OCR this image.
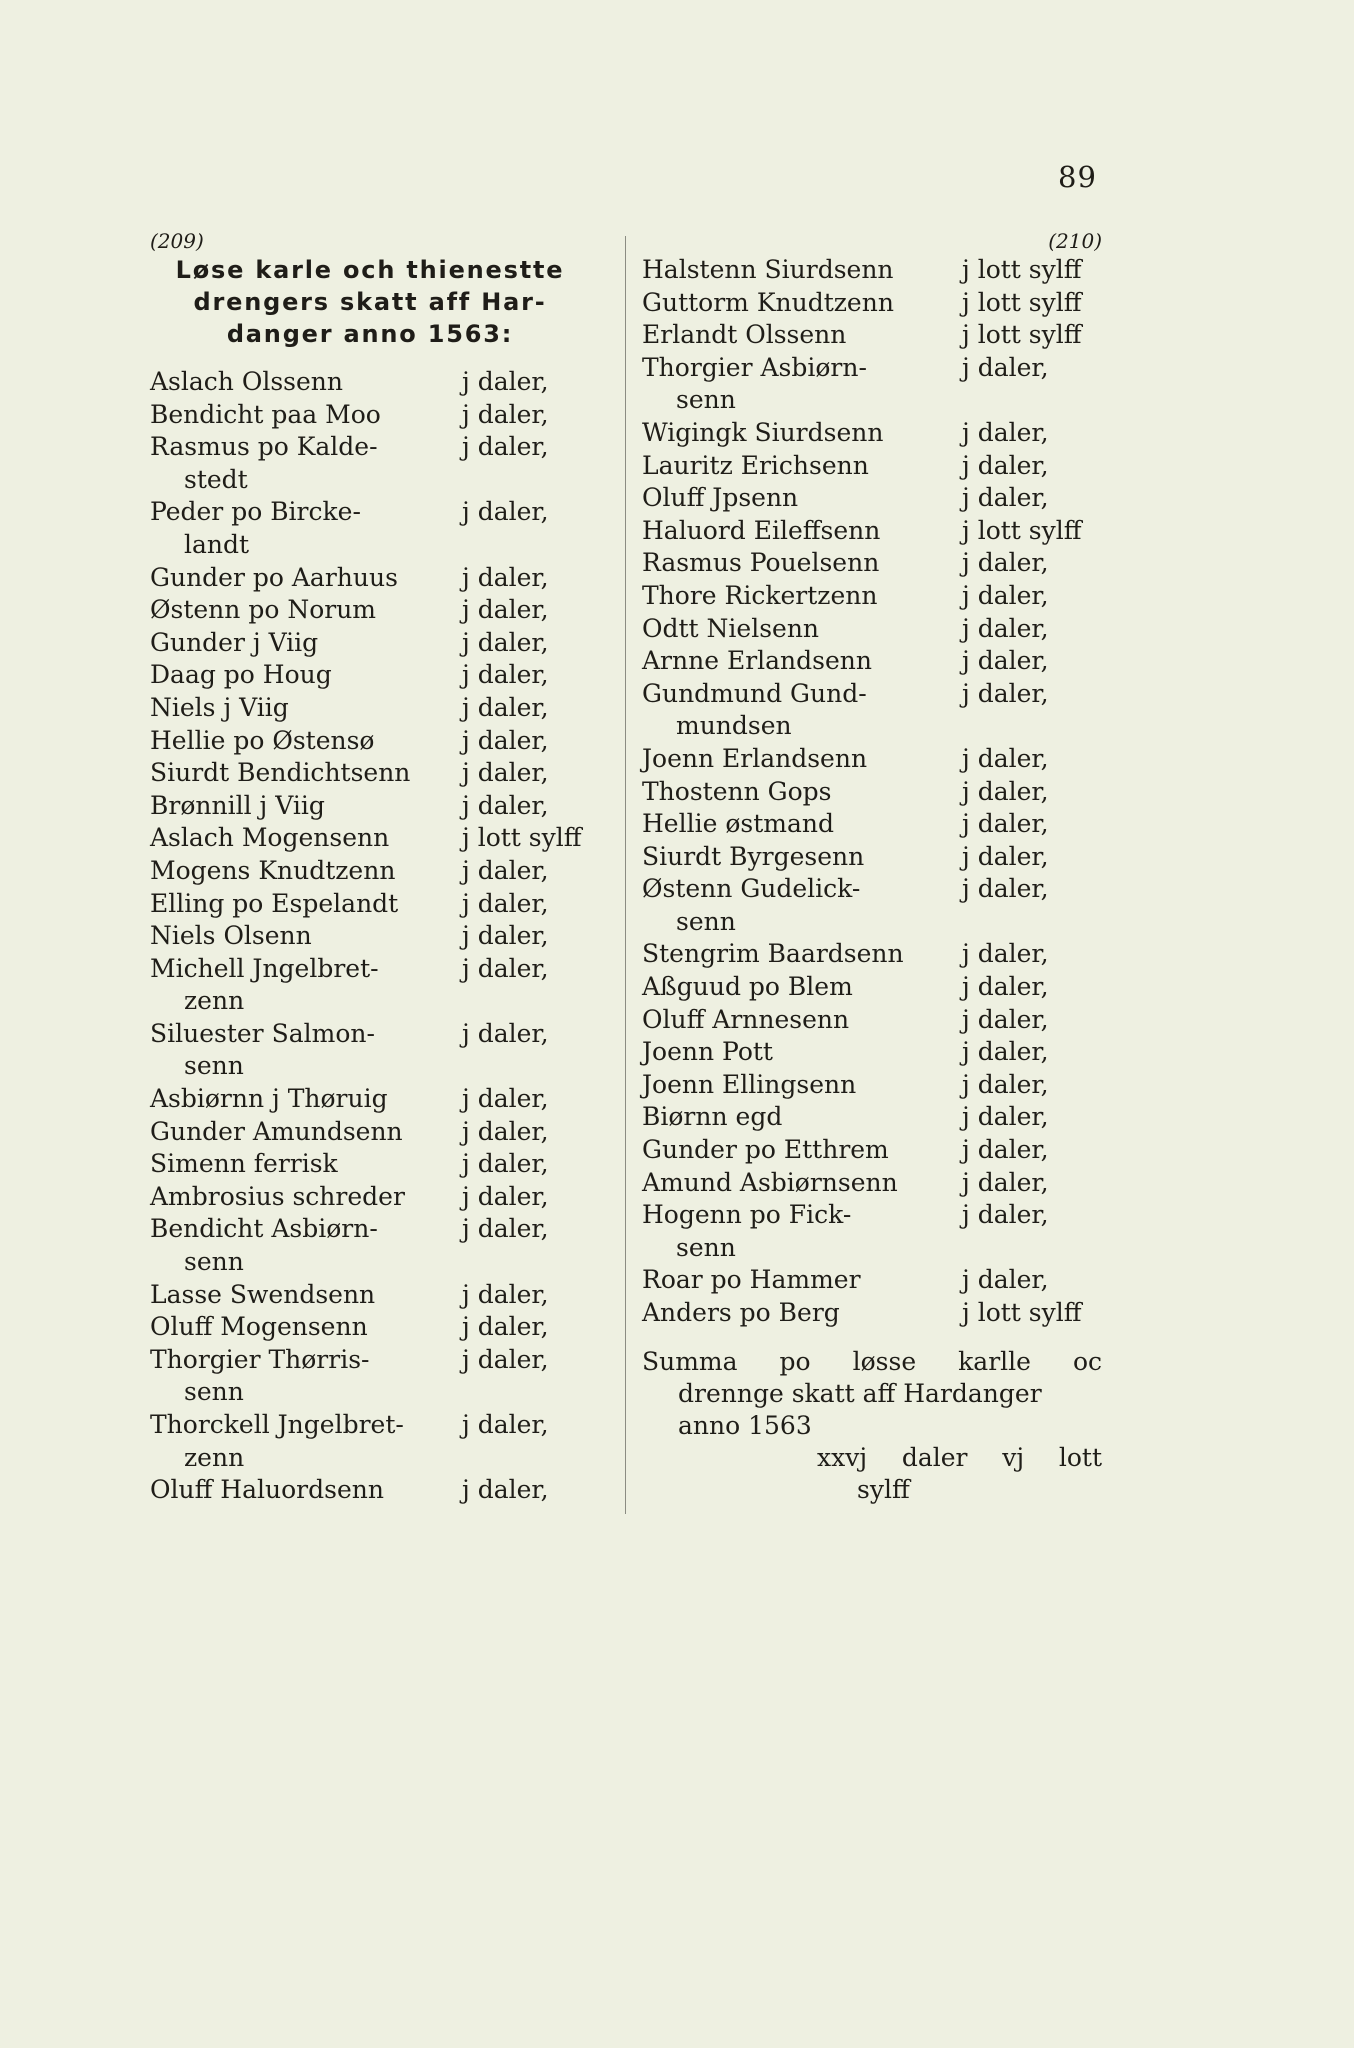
89
(209)
Løse karle och thienestte
drengers skatt aff Har-
danger anno 1563:
Aslach Olssenn	j daler,
Bendicht paa Moo	j daler,
Rasmus po Kalde-
stedt
j daler,
Peder po Bircke-
landt
j daler,
Gunder po Aarhuus	j daler,
Østenn po Norum	j daler,
Gunder j Viig	j daler,
Daag po Houg	j daler,
Niels j Viig	j daler,
Hellie po Østensø	j daler,
Siurdt Bendichtsenn j daler,
Brønnill j Viig	j daler,
Aslach Mogensenn	j lott sylff
Mogens Knudtzenn	j daler,
Elling po Espelandt	j daler,
Niels Olsenn	j daler,
Michell Jngelbret-
zenn
j daler,
Siluester Salmon-
senn
j daler,
Asbiørnn j Thøruig	j daler,
Gunder Amundsenn j daler,
Simenn ferrisk	j daler,
Ambrosius schreder j daler,
Bendicht Asbiørn-
senn
j daler,
Lasse Swendsenn	j daler,
Oluff Mogensenn	j daler,
Thorgier Thørris-
senn
j daler,
Thorckell Jngelbret-
zenn
j daler,
Oluff Haluordsenn	j daler,
(210)
Halstenn Siurdsenn	j lott sylff
Guttorm Knudtzenn	j lott sylff
Erlandt Olssenn	j lott sylff
Thorgier Asbiørn-
senn
j daler,
Wigingk Siurdsenn	j daler,
Lauritz Erichsenn	j daler,
Oluff Jpsenn	j daler,
Haluord Eileffsenn	j lott sylff
Rasmus Pouelsenn	j daler,
Thore Rickertzenn	j daler,
Odtt Nielsenn	j daler,
Arnne Erlandsenn	j daler,
Gundmund Gund-
mundsen
j daler,
Joenn Erlandsenn	j daler,
Thostenn Gops	j daler,
Hellie østmand	j daler,
Siurdt Byrgesenn	j daler,
Østenn Gudelick-
senn
j daler,
Stengrim Baardsenn j daler,
Aßguud po Blem	j daler,
Oluff Arnnesenn	j daler,
Joenn Pott	j daler,
Joenn Ellingsenn	j daler,
Biørnn egd	j daler,
Gunder po Etthrem	j daler,
Amund Asbiørnsenn	j daler,
Hogenn po Fick-
senn
j daler,
Roar po Hammer	j daler,
Anders po Berg	j lott sylff

Summa po løsse karlle oc

drennge skatt aff Hardanger

anno 1563

xxvj daler vj lott

sylff
